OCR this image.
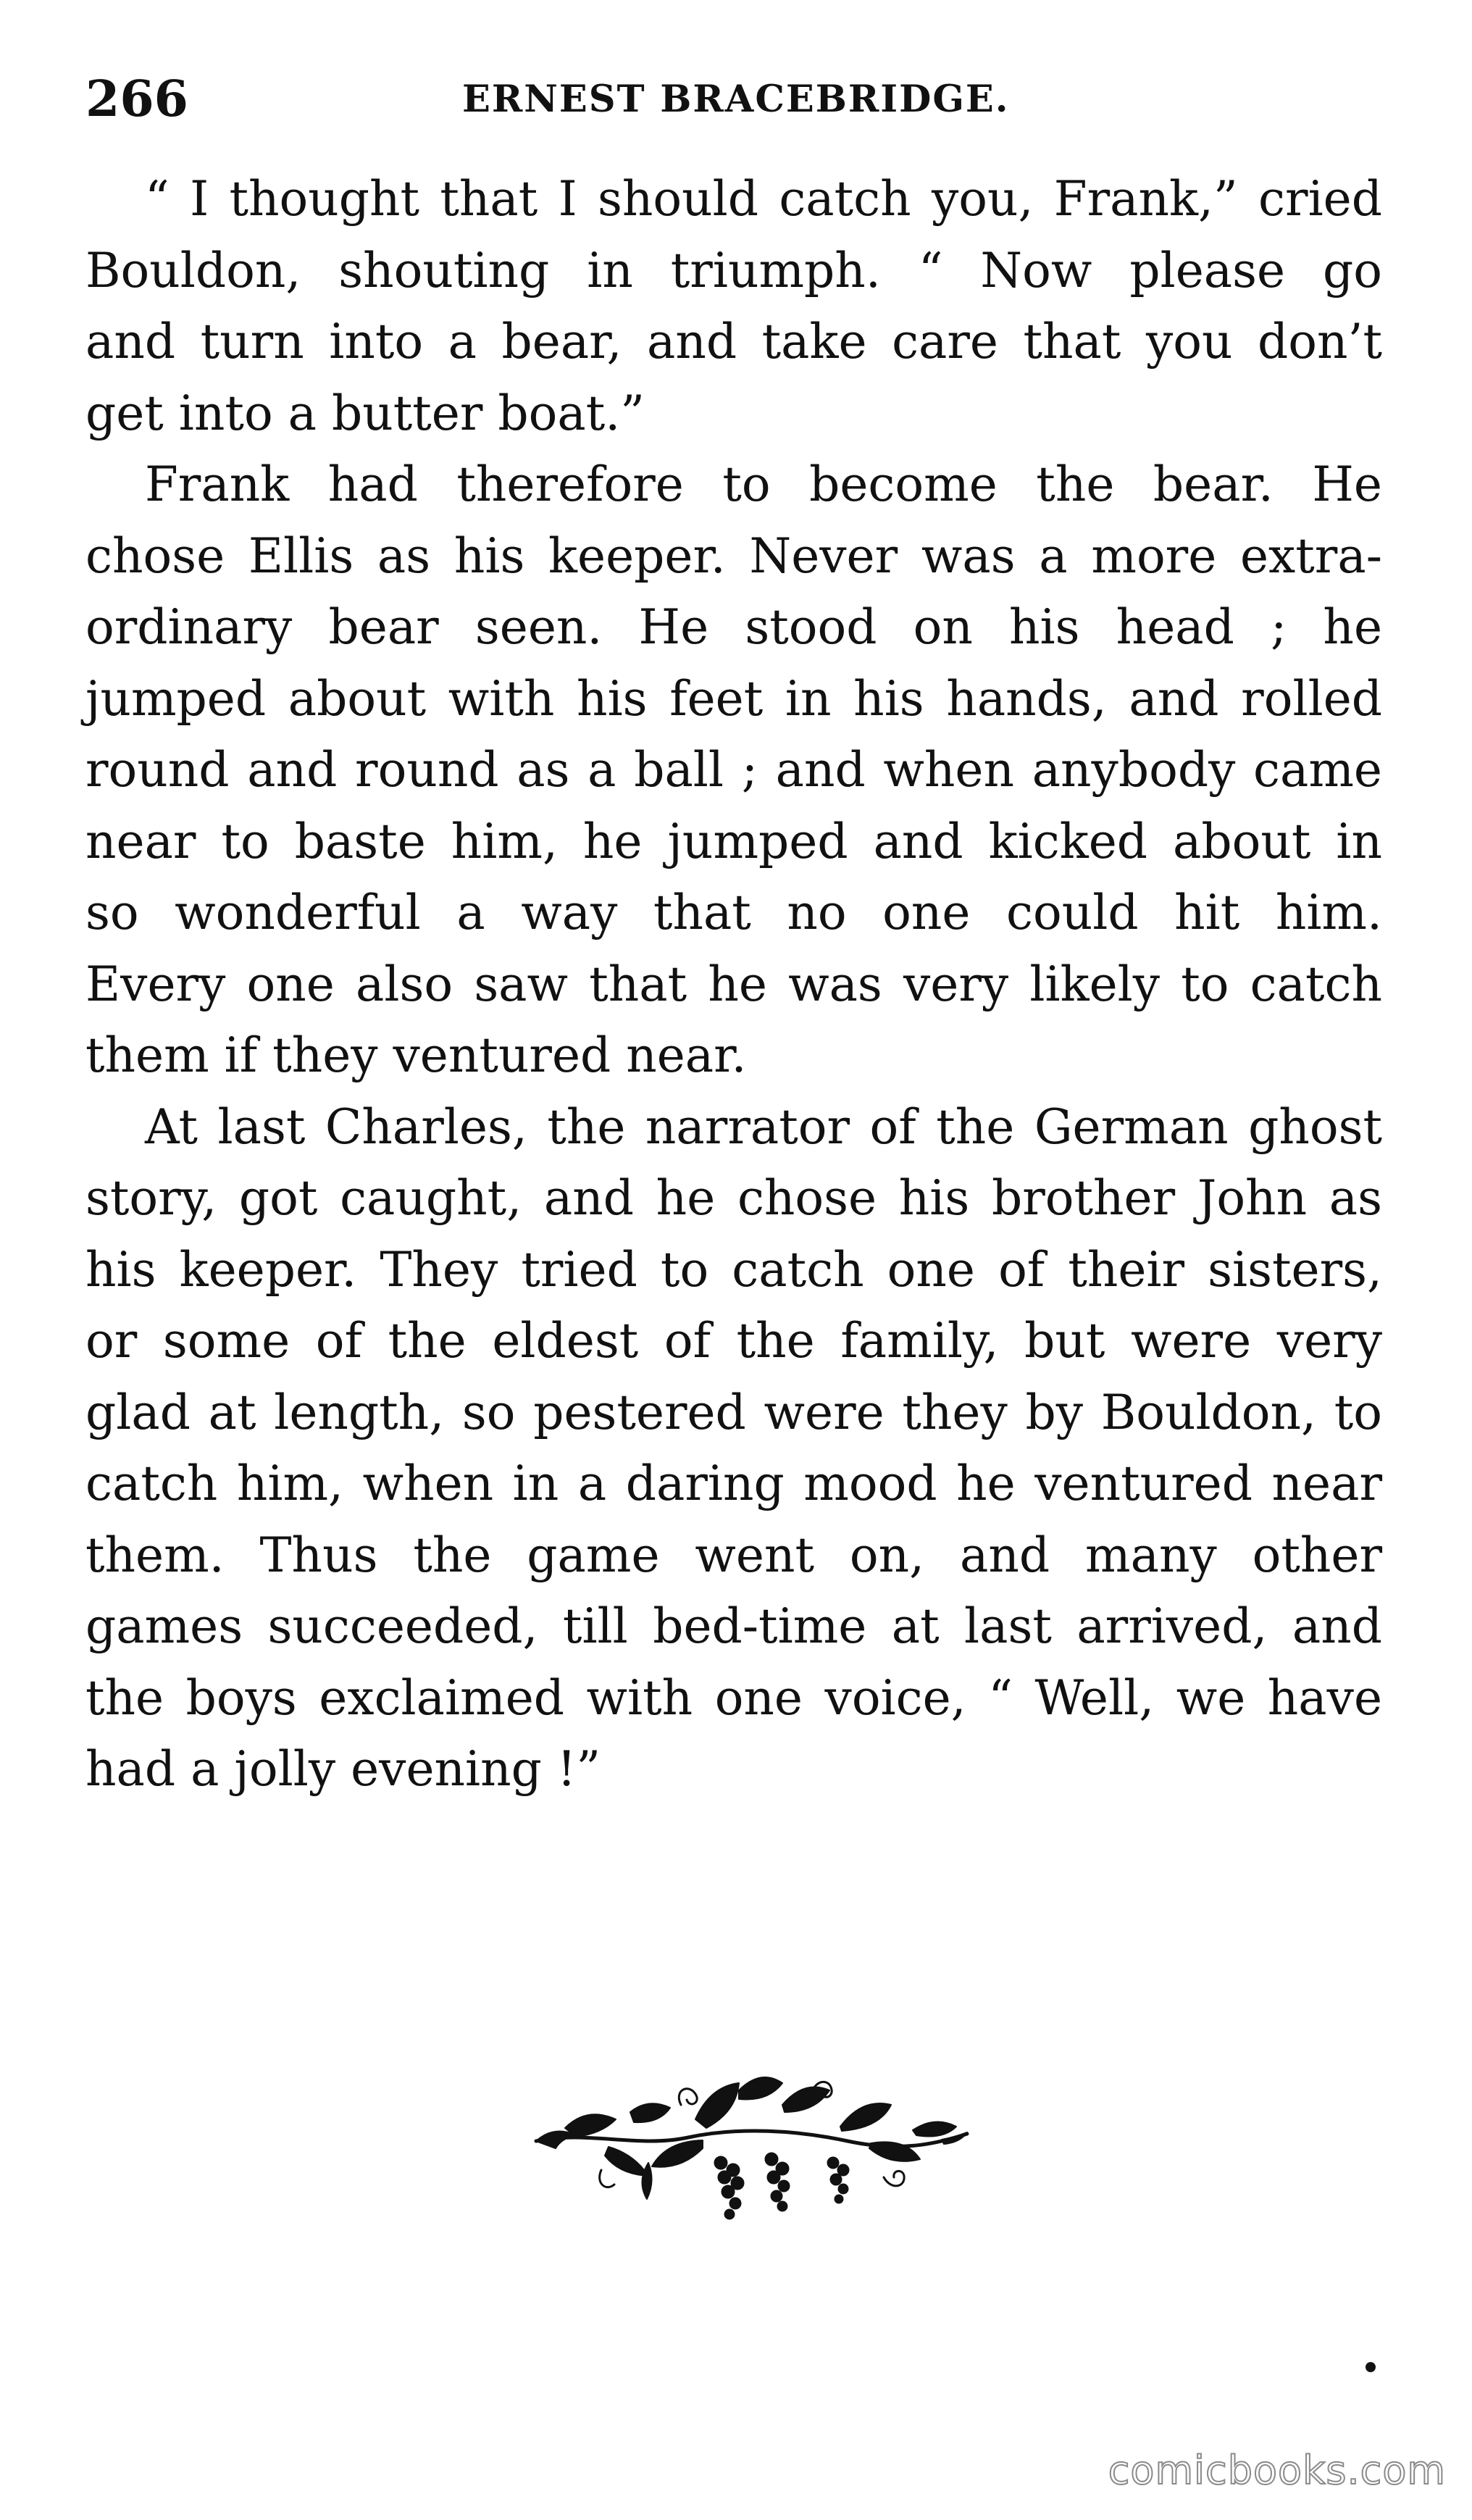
266	ERNEST BRACEBRIDGE.

“ I thought that I should catch you, Frank,” cried
Bouldon, shouting in triumph. “ Now please go
and turn into a bear, and take care that you don’t
get into a butter boat.”

Frank had therefore to become the bear. He
chose Ellis as his keeper. Never was a more extra-
ordinary bear seen. He stood on his head ; he
jumped about with his feet in his hands, and rolled
round and round as a ball ; and when anybody came
near to baste him, he jumped and kicked about in
so wonderful a way that no one could hit him.
Every one also saw that he was very likely to catch
them if they ventured near.

At last Charles, the narrator of the German ghost
story, got caught, and he chose his brother John as
his keeper. They tried to catch one of their sisters,
or some of the eldest of the family, but were very
glad at length, so pestered were they by Bouldon, to
catch him, when in a daring mood he ventured near
them. Thus the game went on, and many other
games succeeded, till bed-time at last arrived, and
the boys exclaimed with one voice, “ Well, we have
had a jolly evening !”

comicbooks.com
